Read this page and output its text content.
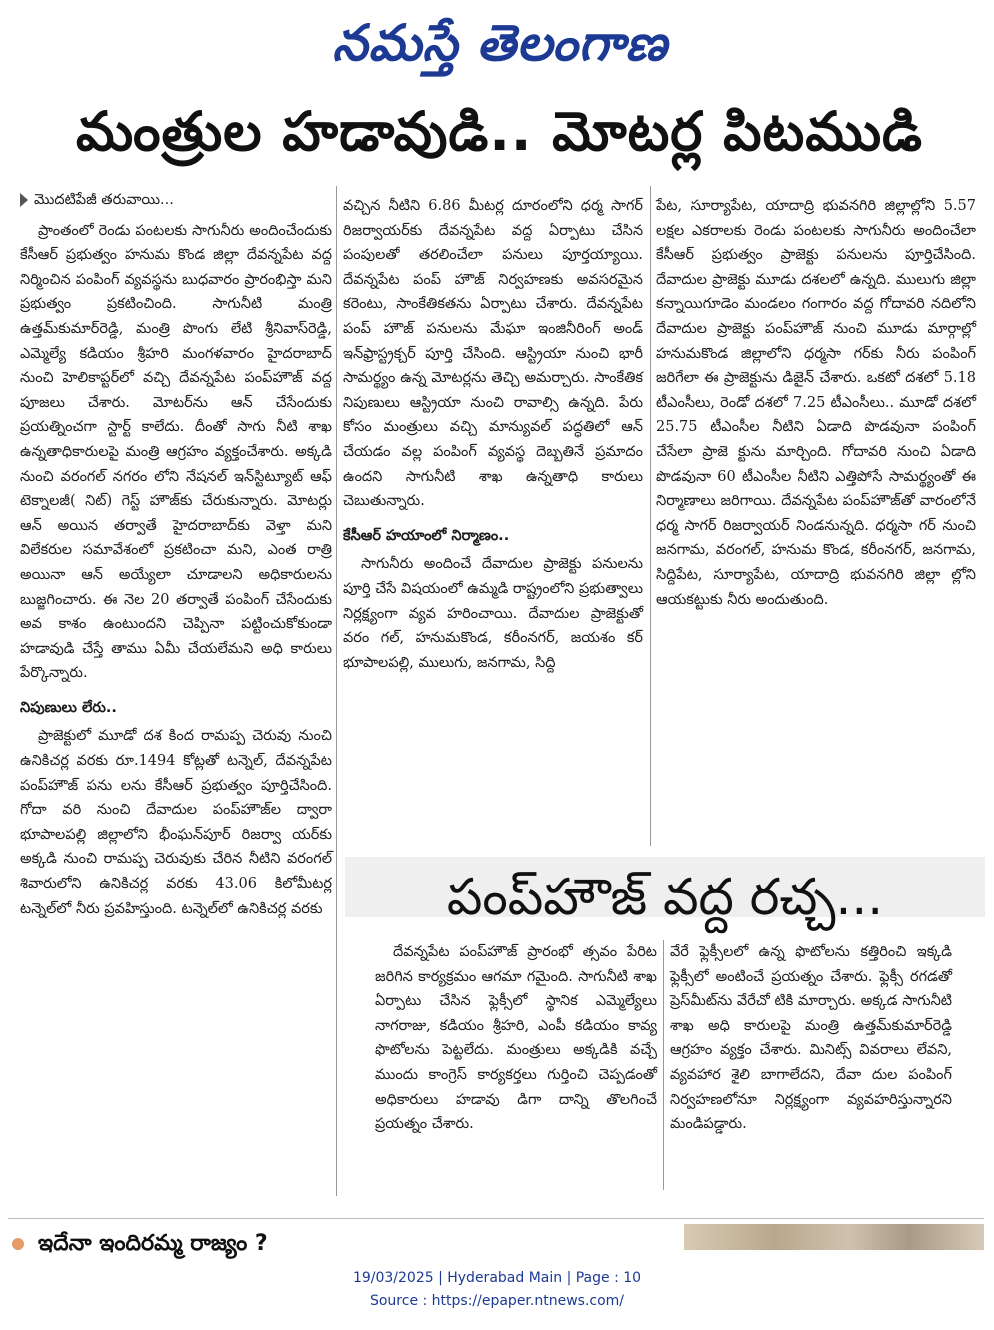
నమస్తే తెలంగాణ
మంత్రుల హడావుడి.. మోటర్ల పిటముడి
మొదటిపేజీ తరువాయి...

ప్రాంతంలో రెండు పంటలకు సాగునీరు అందించేందుకు కేసీఆర్ ప్రభుత్వం హనుమ కొండ జిల్లా దేవన్నపేట వద్ద నిర్మించిన పంపింగ్ వ్యవస్థను బుధవారం ప్రారంభిస్తా మని ప్రభుత్వం ప్రకటించింది. సాగునీటి మంత్రి ఉత్తమ్‌కుమార్‌రెడ్డి, మంత్రి పొంగు లేటి శ్రీనివాస్‌రెడ్డి, ఎమ్మెల్యే కడియం శ్రీహరి మంగళవారం హైదరాబాద్ నుంచి హెలికాప్టర్‌లో వచ్చి దేవన్నపేట పంప్‌హౌజ్ వద్ద పూజలు చేశారు. మోటర్‌ను ఆన్ చేసేందుకు ప్రయత్నించగా స్టార్ట్ కాలేదు. దీంతో సాగు నీటి శాఖ ఉన్నతాధికారులపై మంత్రి ఆగ్రహం వ్యక్తంచేశారు. అక్కడి నుంచి వరంగల్ నగరం లోని నేషనల్ ఇన్‌స్టిట్యూట్ ఆఫ్ టెక్నాలజీ( నిట్) గెస్ట్ హౌజ్‌కు చేరుకున్నారు. మోటర్లు ఆన్ అయిన తర్వాతే హైదరాబాద్‌కు వెళ్తా మని విలేకరుల సమావేశంలో ప్రకటించా మని, ఎంత రాత్రి అయినా ఆన్ అయ్యేలా చూడాలని అధికారులను బుజ్జగించారు. ఈ నెల 20 తర్వాతే పంపింగ్ చేసేందుకు అవ కాశం ఉంటుందని చెప్పినా పట్టించుకోకుండా హడావుడి చేస్తే తాము ఏమీ చేయలేమని అధి కారులు పేర్కొన్నారు.

నిపుణులు లేరు..

ప్రాజెక్టులో మూడో దశ కింద రామప్ప చెరువు నుంచి ఉనికిచర్ల వరకు రూ.1494 కోట్లతో టన్నెల్, దేవన్నపేట పంప్‌హౌజ్ పను లను కేసీఆర్ ప్రభుత్వం పూర్తిచేసింది. గోదా వరి నుంచి దేవాదుల పంప్‌హౌజ్‌ల ద్వారా భూపాలపల్లి జిల్లాలోని భీంఘన్‌పూర్ రిజర్వా యర్‌కు అక్కడి నుంచి రామప్ప చెరువుకు చేరిన నీటిని వరంగల్ శివారులోని ఉనికిచర్ల వరకు 43.06 కిలోమీటర్ల టన్నెల్‌లో నీరు ప్రవహిస్తుంది. టన్నెల్‌లో ఉనికిచర్ల వరకు

వచ్చిన నీటిని 6.86 మీటర్ల దూరంలోని ధర్మ సాగర్ రిజర్వాయర్‌కు దేవన్నపేట వద్ద ఏర్పాటు చేసిన పంపులతో తరలించేలా పనులు పూర్తయ్యాయి. దేవన్నపేట పంప్ హౌజ్ నిర్వహణకు అవసరమైన కరెంటు, సాంకేతికతను ఏర్పాటు చేశారు. దేవన్నపేట పంప్ హౌజ్ పనులను మేఘా ఇంజినీరింగ్ అండ్ ఇన్‌ఫ్రాస్ట్రక్చర్ పూర్తి చేసింది. ఆస్ట్రియా నుంచి భారీ సామర్థ్యం ఉన్న మోటర్లను తెచ్చి అమర్చారు. సాంకేతిక నిపుణులు ఆస్ట్రియా నుంచి రావాల్సి ఉన్నది. పేరు కోసం మంత్రులు వచ్చి మాన్యువల్ పద్ధతిలో ఆన్ చేయడం వల్ల పంపింగ్ వ్యవస్థ దెబ్బతినే ప్రమాదం ఉందని సాగునీటి శాఖ ఉన్నతాధి కారులు చెబుతున్నారు.

కేసీఆర్ హయాంలో నిర్మాణం..

సాగునీరు అందించే దేవాదుల ప్రాజెక్టు పనులను పూర్తి చేసే విషయంలో ఉమ్మడి రాష్ట్రంలోని ప్రభుత్వాలు నిర్లక్ష్యంగా వ్యవ హరించాయి. దేవాదుల ప్రాజెక్టుతో వరం గల్, హనుమకొండ, కరీంనగర్, జయశం కర్ భూపాలపల్లి, ములుగు, జనగామ, సిద్ది

పేట, సూర్యాపేట, యాదాద్రి భువనగిరి జిల్లాల్లోని 5.57 లక్షల ఎకరాలకు రెండు పంటలకు సాగునీరు అందించేలా కేసీఆర్ ప్రభుత్వం ప్రాజెక్టు పనులను పూర్తిచేసింది. దేవాదుల ప్రాజెక్టు మూడు దశలలో ఉన్నది. ములుగు జిల్లా కన్నాయిగూడెం మండలం గంగారం వద్ద గోదావరి నదిలోని దేవాదుల ప్రాజెక్టు పంప్‌హౌజ్ నుంచి మూడు మార్గాల్లో హనుమకొండ జిల్లాలోని ధర్మసా గర్‌కు నీరు పంపింగ్ జరిగేలా ఈ ప్రాజెక్టును డిజైన్ చేశారు. ఒకటో దశలో 5.18 టీఎంసీలు, రెండో దశలో 7.25 టీఎంసీలు.. మూడో దశలో 25.75 టీఎంసీల నీటిని ఏడాది పొడవునా పంపింగ్ చేసేలా ప్రాజె క్టును మార్చింది. గోదావరి నుంచి ఏడాది పొడవునా 60 టీఎంసీల నీటిని ఎత్తిపోసే సామర్థ్యంతో ఈ నిర్మాణాలు జరిగాయి. దేవన్నపేట పంప్‌హౌజ్‌తో వారంలోనే ధర్మ సాగర్ రిజర్వాయర్ నిండనున్నది. ధర్మసా గర్ నుంచి జనగామ, వరంగల్, హనుమ కొండ, కరీంనగర్, జనగామ, సిద్దిపేట, సూర్యాపేట, యాదాద్రి భువనగిరి జిల్లా ల్లోని ఆయకట్టుకు నీరు అందుతుంది.

పంప్‌హౌజ్ వద్ద రచ్చ...

దేవన్నపేట పంప్‌హౌజ్ ప్రారంభో త్సవం పేరిట జరిగిన కార్యక్రమం ఆగమా గమైంది. సాగునీటి శాఖ ఏర్పాటు చేసిన ఫ్లెక్సీలో స్థానిక ఎమ్మెల్యేలు నాగరాజు, కడియం శ్రీహరి, ఎంపీ కడియం కావ్య ఫొటోలను పెట్టలేదు. మంత్రులు అక్కడికి వచ్చే ముందు కాంగ్రెస్ కార్యకర్తలు గుర్తించి చెప్పడంతో అధికారులు హడావు డిగా దాన్ని తొలగించే ప్రయత్నం చేశారు.

వేరే ఫ్లెక్సీలలో ఉన్న ఫొటోలను కత్తిరించి ఇక్కడి ఫ్లెక్సీలో అంటించే ప్రయత్నం చేశారు. ఫ్లెక్సీ రగడతో ప్రెస్‌మీట్‌ను వేరేచో టికి మార్చారు. అక్కడ సాగునీటి శాఖ అధి కారులపై మంత్రి ఉత్తమ్‌కుమార్‌రెడ్డి ఆగ్రహం వ్యక్తం చేశారు. మినిట్స్ వివరాలు లేవని, వ్యవహార శైలి బాగాలేదని, దేవా దుల పంపింగ్ నిర్వహణలోనూ నిర్లక్ష్యంగా వ్యవహరిస్తున్నారని మండిపడ్డారు.

ఇదేనా ఇందిరమ్మ రాజ్యం ?
19/03/2025 | Hyderabad Main | Page : 10
Source : https://epaper.ntnews.com/
